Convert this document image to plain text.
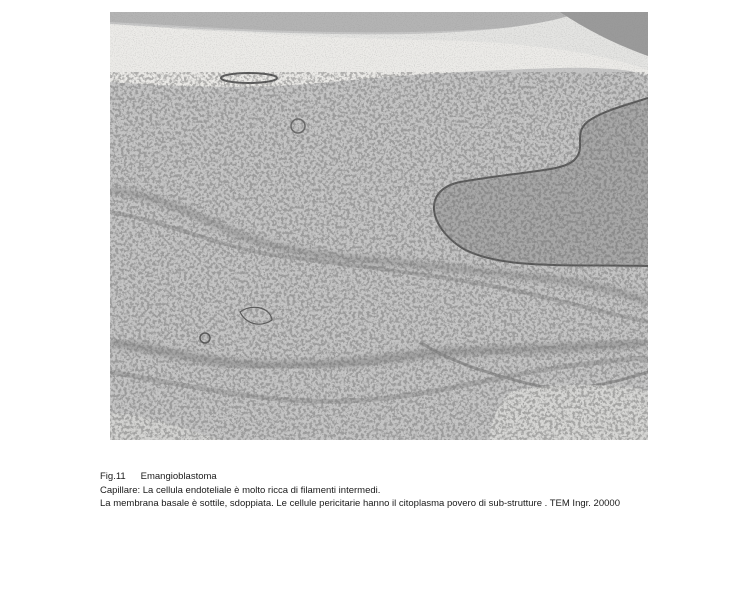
Fig.11 Emangioblastoma
Capillare: La cellula endoteliale è molto ricca di filamenti intermedi.
La membrana basale è sottile, sdoppiata. Le cellule pericitarie hanno il citoplasma povero di sub-strutture . TEM Ingr. 20000
